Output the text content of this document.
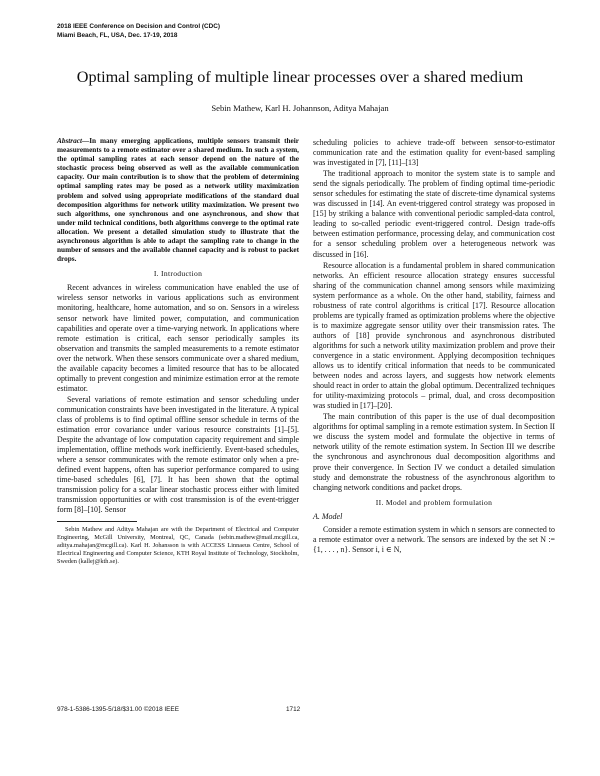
2018 IEEE Conference on Decision and Control (CDC)
Miami Beach, FL, USA, Dec. 17-19, 2018
Optimal sampling of multiple linear processes over a shared medium
Sebin Mathew, Karl H. Johannson, Aditya Mahajan
Abstract—In many emerging applications, multiple sensors transmit their measurements to a remote estimator over a shared medium. In such a system, the optimal sampling rates at each sensor depend on the nature of the stochastic process being observed as well as the available communication capacity. Our main contribution is to show that the problem of determining optimal sampling rates may be posed as a network utility maximization problem and solved using appropriate modifications of the standard dual decomposition algorithms for network utility maximization. We present two such algorithms, one synchronous and one asynchronous, and show that under mild technical conditions, both algorithms converge to the optimal rate allocation. We present a detailed simulation study to illustrate that the asynchronous algorithm is able to adapt the sampling rate to change in the number of sensors and the available channel capacity and is robust to packet drops.
I. Introduction

Recent advances in wireless communication have enabled the use of wireless sensor networks in various applications such as environment monitoring, healthcare, home automation, and so on. Sensors in a wireless sensor network have limited power, computation, and communication capabilities and operate over a time-varying network. In applications where remote estimation is critical, each sensor periodically samples its observation and transmits the sampled measurements to a remote estimator over the network. When these sensors communicate over a shared medium, the available capacity becomes a limited resource that has to be allocated optimally to prevent congestion and minimize estimation error at the remote estimator.

Several variations of remote estimation and sensor scheduling under communication constraints have been investigated in the literature. A typical class of problems is to find optimal offline sensor schedule in terms of the estimation error covariance under various resource constraints [1]–[5]. Despite the advantage of low computation capacity requirement and simple implementation, offline methods work inefficiently. Event-based schedules, where a sensor communicates with the remote estimator only when a pre-defined event happens, often has superior performance compared to using time-based schedules [6], [7]. It has been shown that the optimal transmission policy for a scalar linear stochastic process either with limited transmission opportunities or with cost transmission is of the event-trigger form [8]–[10]. Sensor

Sebin Mathew and Aditya Mahajan are with the Department of Electrical and Computer Engineering, McGill University, Montreal, QC, Canada (sebin.mathew@mail.mcgill.ca, aditya.mahajan@mcgill.ca). Karl H. Johansson is with ACCESS Linnaeus Centre, School of Electrical Engineering and Computer Science, KTH Royal Institute of Technology, Stockholm, Sweden (kallej@kth.se).

scheduling policies to achieve trade-off between sensor-to-estimator communication rate and the estimation quality for event-based sampling was investigated in [7], [11]–[13]

The traditional approach to monitor the system state is to sample and send the signals periodically. The problem of finding optimal time-periodic sensor schedules for estimating the state of discrete-time dynamical systems was discussed in [14]. An event-triggered control strategy was proposed in [15] by striking a balance with conventional periodic sampled-data control, leading to so-called periodic event-triggered control. Design trade-offs between estimation performance, processing delay, and communication cost for a sensor scheduling problem over a heterogeneous network was discussed in [16].

Resource allocation is a fundamental problem in shared communication networks. An efficient resource allocation strategy ensures successful sharing of the communication channel among sensors while maximizing system performance as a whole. On the other hand, stability, fairness and robustness of rate control algorithms is critical [17]. Resource allocation problems are typically framed as optimization problems where the objective is to maximize aggregate sensor utility over their transmission rates. The authors of [18] provide synchronous and asynchronous distributed algorithms for such a network utility maximization problem and prove their convergence in a static environment. Applying decomposition techniques allows us to identify critical information that needs to be communicated between nodes and across layers, and suggests how network elements should react in order to attain the global optimum. Decentralized techniques for utility-maximizing protocols – primal, dual, and cross decomposition was studied in [17]–[20].

The main contribution of this paper is the use of dual decomposition algorithms for optimal sampling in a remote estimation system. In Section II we discuss the system model and formulate the objective in terms of network utility of the remote estimation system. In Section III we describe the synchronous and asynchronous dual decomposition algorithms and prove their convergence. In Section IV we conduct a detailed simulation study and demonstrate the robustness of the asynchronous algorithm to changing network conditions and packet drops.

II. Model and problem formulation
A. Model

Consider a remote estimation system in which n sensors are connected to a remote estimator over a network. The sensors are indexed by the set N := {1, . . . , n}. Sensor i, i ∈ N,

978-1-5386-1395-5/18/$31.00 ©2018 IEEE	1712
